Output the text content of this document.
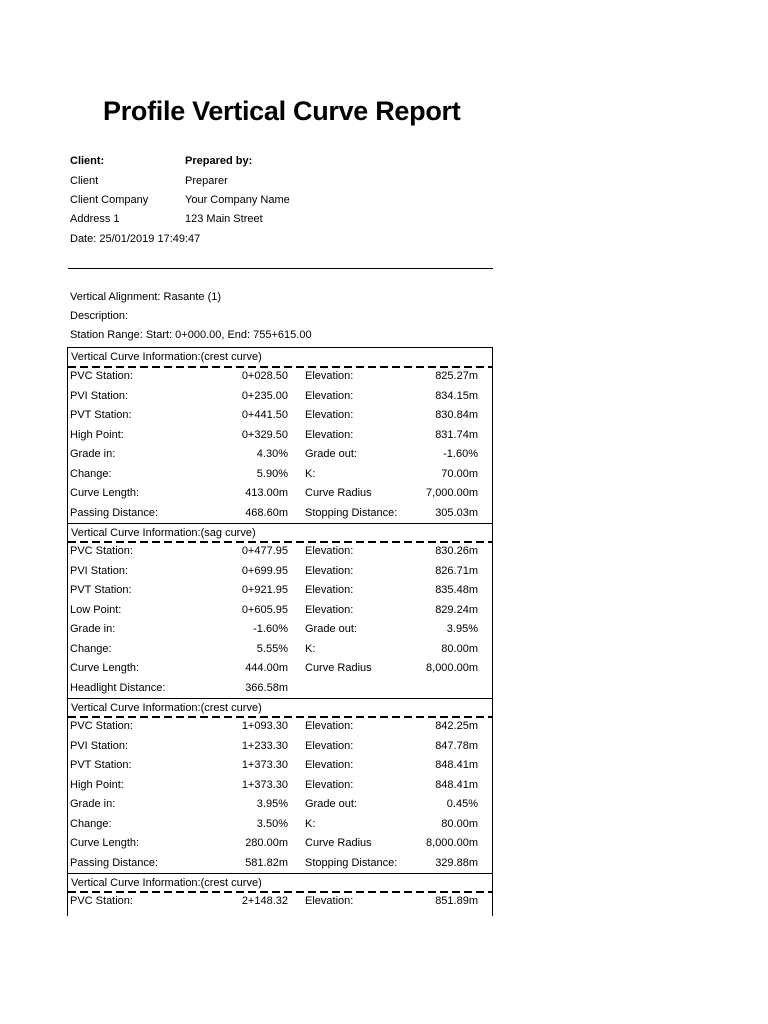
Profile Vertical Curve Report
Client:	Prepared by:
Client	Preparer
Client Company	Your Company Name
Address 1	123 Main Street
Date: 25/01/2019 17:49:47
Vertical Alignment: Rasante (1)
Description:
Station Range: Start: 0+000.00, End: 755+615.00
Vertical Curve Information:(crest curve)
PVC Station:	0+028.50 Elevation:	825.27m
PVI Station:	0+235.00 Elevation:	834.15m
PVT Station:	0+441.50 Elevation:	830.84m
High Point:	0+329.50 Elevation:	831.74m
Grade in:	4.30% Grade out:	-1.60%
Change:	5.90% K:	70.00m
Curve Length:	413.00m Curve Radius	7,000.00m
Passing Distance:	468.60m Stopping Distance:	305.03m
Vertical Curve Information:(sag curve)
PVC Station:	0+477.95 Elevation:	830.26m
PVI Station:	0+699.95 Elevation:	826.71m
PVT Station:	0+921.95 Elevation:	835.48m
Low Point:	0+605.95 Elevation:	829.24m
Grade in:	-1.60% Grade out:	3.95%
Change:	5.55% K:	80.00m
Curve Length:	444.00m Curve Radius	8,000.00m
Headlight Distance:	366.58m
Vertical Curve Information:(crest curve)
PVC Station:	1+093.30 Elevation:	842.25m
PVI Station:	1+233.30 Elevation:	847.78m
PVT Station:	1+373.30 Elevation:	848.41m
High Point:	1+373.30 Elevation:	848.41m
Grade in:	3.95% Grade out:	0.45%
Change:	3.50% K:	80.00m
Curve Length:	280.00m Curve Radius	8,000.00m
Passing Distance:	581.82m Stopping Distance:	329.88m
Vertical Curve Information:(crest curve)
PVC Station:	2+148.32 Elevation:	851.89m
